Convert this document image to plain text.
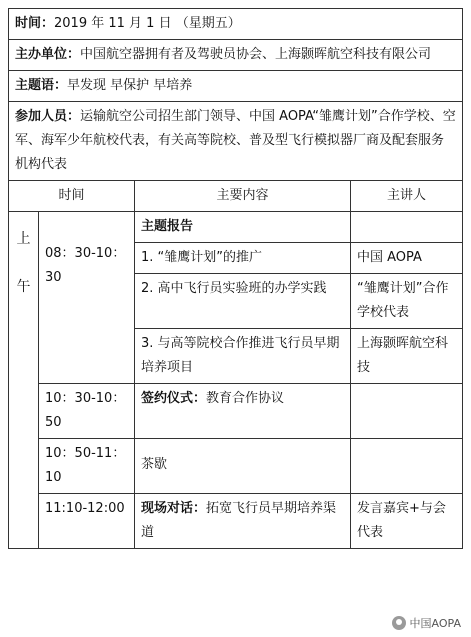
时间：2019 年 11 月 1 日 （星期五）			
主办单位：中国航空器拥有者及驾驶员协会、上海颢晖航空科技有限公司			
主题语：早发现 早保护 早培养			
参加人员：运输航空公司招生部门领导、中国 AOPA“雏鹰计划”合作学校、空军、海军少年航校代表，有关高等院校、普及型飞行模拟器厂商及配套服务机构代表			
时间		主要内容	主讲人

上
午	08：30-10：30	主题报告	
		1. “雏鹰计划”的推广	中国 AOPA
		2. 高中飞行员实验班的办学实践	“雏鹰计划”合作学校代表
		3. 与高等院校合作推进飞行员早期培养项目	上海颢晖航空科技
	10：30-10：50	签约仪式：教育合作协议	
	10：50-11：10	茶歇	
	11:10-12:00	现场对话：拓宽飞行员早期培养渠道	发言嘉宾+与会代表
中国AOPA
